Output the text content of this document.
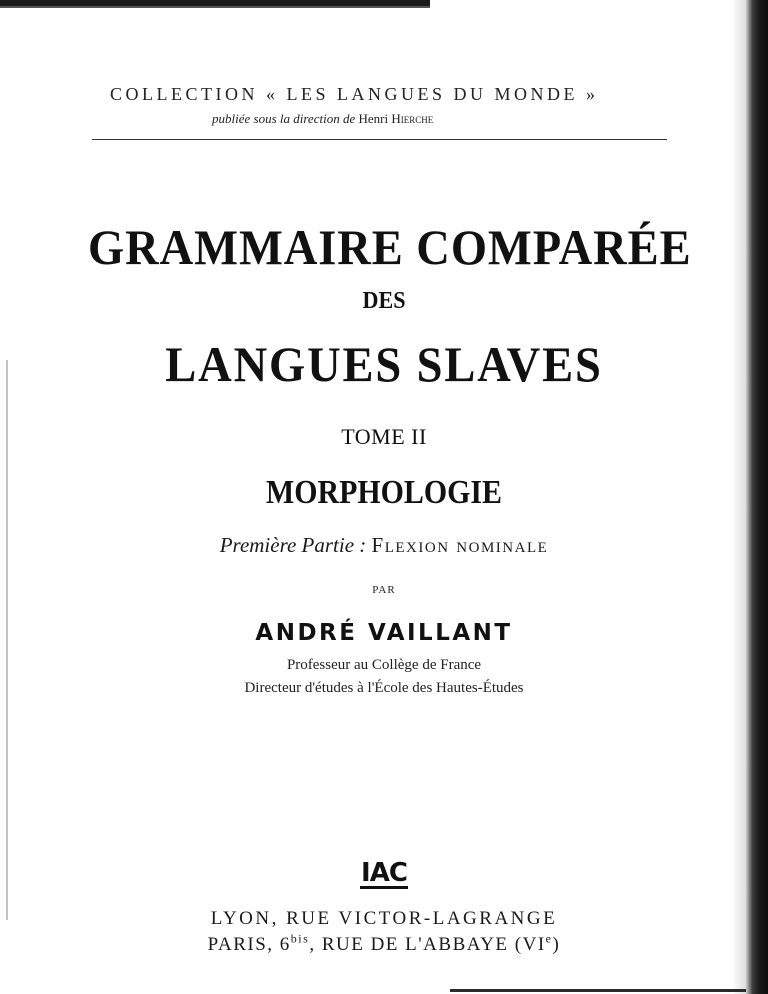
COLLECTION « LES LANGUES DU MONDE »
publiée sous la direction de Henri Hierche
GRAMMAIRE COMPARÉE
DES
LANGUES SLAVES
TOME II
MORPHOLOGIE
Première Partie : Flexion nominale
PAR
ANDRÉ VAILLANT
Professeur au Collège de France
Directeur d'études à l'École des Hautes-Études
IAC
LYON, RUE VICTOR-LAGRANGE
PARIS, $6^{bis}$, RUE DE L'ABBAYE (VIe)
